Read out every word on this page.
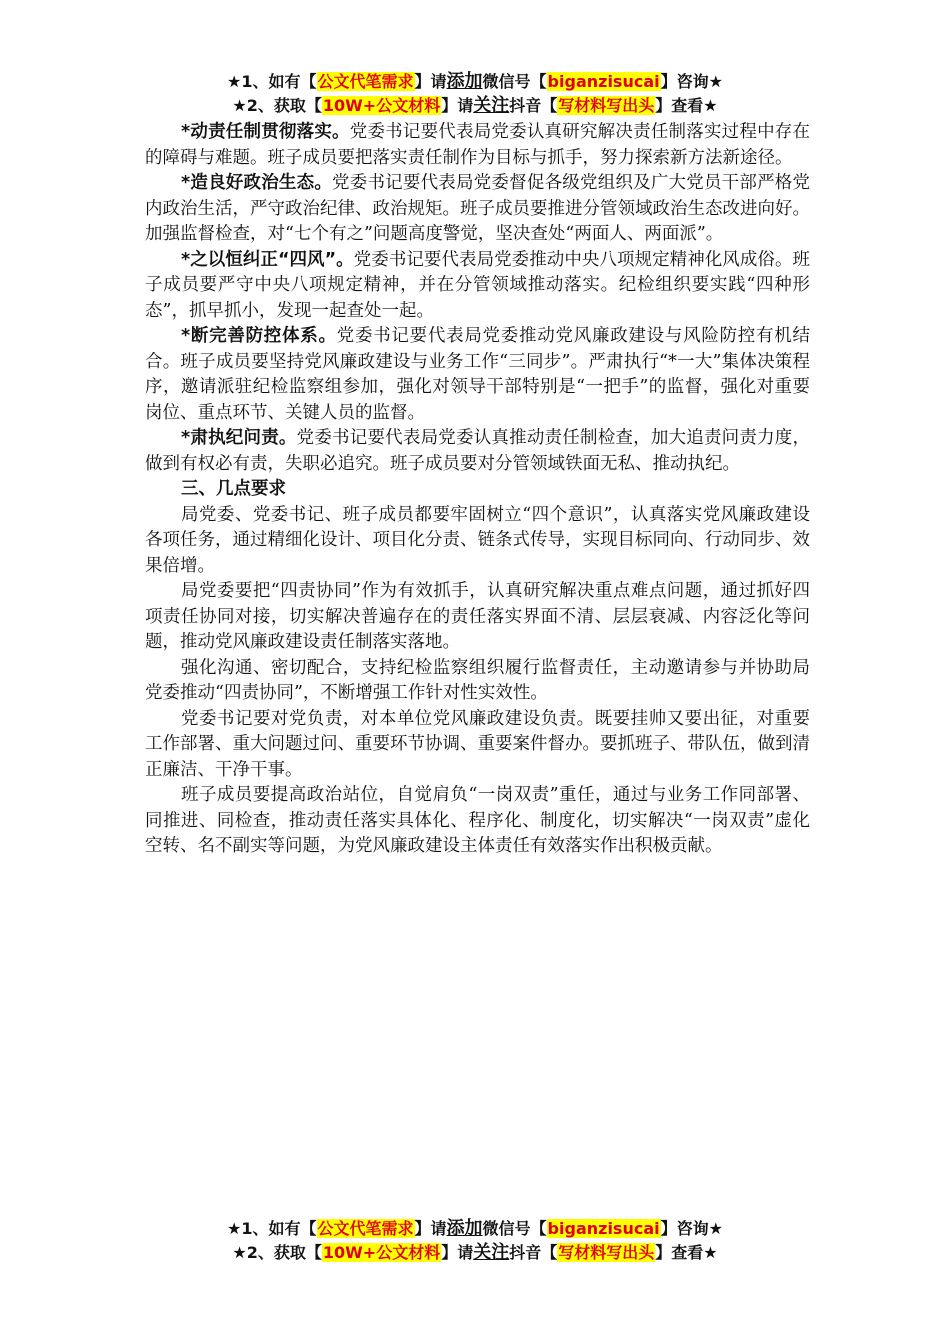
★1、如有【公文代笔需求】请添加微信号【biganzisucai】咨询★
★2、获取【10W+公文材料】请关注抖音【写材料写出头】查看★

*动责任制贯彻落实。党委书记要代表局党委认真研究解决责任制落实过程中存在的障碍与难题。班子成员要把落实责任制作为目标与抓手，努力探索新方法新途径。

*造良好政治生态。党委书记要代表局党委督促各级党组织及广大党员干部严格党内政治生活，严守政治纪律、政治规矩。班子成员要推进分管领域政治生态改进向好。加强监督检查，对“七个有之”问题高度警觉，坚决查处“两面人、两面派”。

*之以恒纠正“四风”。党委书记要代表局党委推动中央八项规定精神化风成俗。班子成员要严守中央八项规定精神，并在分管领域推动落实。纪检组织要实践“四种形态”，抓早抓小，发现一起查处一起。

*断完善防控体系。党委书记要代表局党委推动党风廉政建设与风险防控有机结合。班子成员要坚持党风廉政建设与业务工作“三同步”。严肃执行“*一大”集体决策程序，邀请派驻纪检监察组参加，强化对领导干部特别是“一把手”的监督，强化对重要岗位、重点环节、关键人员的监督。

*肃执纪问责。党委书记要代表局党委认真推动责任制检查，加大追责问责力度，做到有权必有责，失职必追究。班子成员要对分管领域铁面无私、推动执纪。

三、几点要求

局党委、党委书记、班子成员都要牢固树立“四个意识”，认真落实党风廉政建设各项任务，通过精细化设计、项目化分责、链条式传导，实现目标同向、行动同步、效果倍增。

局党委要把“四责协同”作为有效抓手，认真研究解决重点难点问题，通过抓好四项责任协同对接，切实解决普遍存在的责任落实界面不清、层层衰减、内容泛化等问题，推动党风廉政建设责任制落实落地。

强化沟通、密切配合，支持纪检监察组织履行监督责任，主动邀请参与并协助局党委推动“四责协同”，不断增强工作针对性实效性。

党委书记要对党负责，对本单位党风廉政建设负责。既要挂帅又要出征，对重要工作部署、重大问题过问、重要环节协调、重要案件督办。要抓班子、带队伍，做到清正廉洁、干净干事。

班子成员要提高政治站位，自觉肩负“一岗双责”重任，通过与业务工作同部署、同推进、同检查，推动责任落实具体化、程序化、制度化，切实解决“一岗双责”虚化空转、名不副实等问题，为党风廉政建设主体责任有效落实作出积极贡献。

★1、如有【公文代笔需求】请添加微信号【biganzisucai】咨询★
★2、获取【10W+公文材料】请关注抖音【写材料写出头】查看★
